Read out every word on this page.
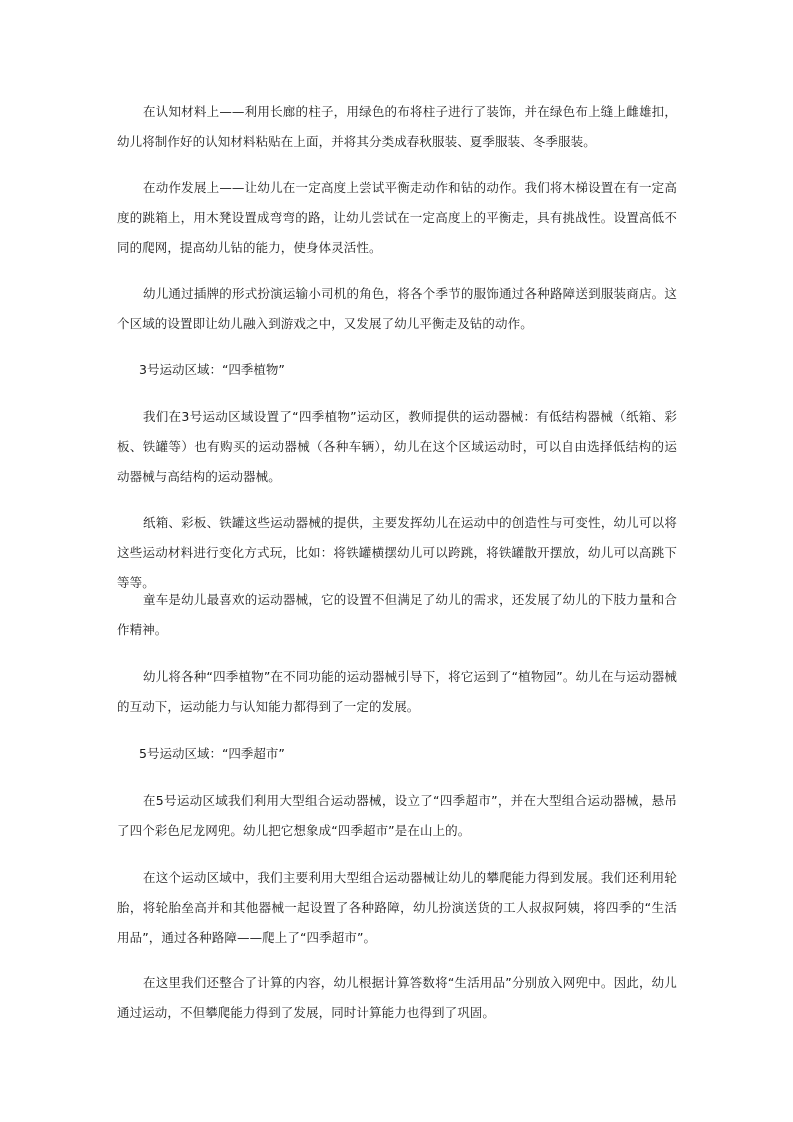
在认知材料上——利用长廊的柱子，用绿色的布将柱子进行了装饰，并在绿色布上缝上雌雄扣，幼儿将制作好的认知材料粘贴在上面，并将其分类成春秋服装、夏季服装、冬季服装。

在动作发展上——让幼儿在一定高度上尝试平衡走动作和钻的动作。我们将木梯设置在有一定高度的跳箱上，用木凳设置成弯弯的路，让幼儿尝试在一定高度上的平衡走，具有挑战性。设置高低不同的爬网，提高幼儿钻的能力，使身体灵活性。

幼儿通过插牌的形式扮演运输小司机的角色，将各个季节的服饰通过各种路障送到服装商店。这个区域的设置即让幼儿融入到游戏之中，又发展了幼儿平衡走及钻的动作。

3号运动区域：“四季植物”

我们在3号运动区域设置了“四季植物”运动区，教师提供的运动器械：有低结构器械（纸箱、彩板、铁罐等）也有购买的运动器械（各种车辆），幼儿在这个区域运动时，可以自由选择低结构的运动器械与高结构的运动器械。

纸箱、彩板、铁罐这些运动器械的提供，主要发挥幼儿在运动中的创造性与可变性，幼儿可以将这些运动材料进行变化方式玩，比如：将铁罐横摆幼儿可以跨跳，将铁罐散开摆放，幼儿可以高跳下等等。

童车是幼儿最喜欢的运动器械，它的设置不但满足了幼儿的需求，还发展了幼儿的下肢力量和合作精神。

幼儿将各种“四季植物”在不同功能的运动器械引导下，将它运到了“植物园”。幼儿在与运动器械的互动下，运动能力与认知能力都得到了一定的发展。

5号运动区域：“四季超市”

在5号运动区域我们利用大型组合运动器械，设立了“四季超市”，并在大型组合运动器械，悬吊了四个彩色尼龙网兜。幼儿把它想象成“四季超市”是在山上的。

在这个运动区域中，我们主要利用大型组合运动器械让幼儿的攀爬能力得到发展。我们还利用轮胎，将轮胎垒高并和其他器械一起设置了各种路障，幼儿扮演送货的工人叔叔阿姨，将四季的“生活用品”，通过各种路障——爬上了“四季超市”。

在这里我们还整合了计算的内容，幼儿根据计算答数将“生活用品”分别放入网兜中。因此，幼儿通过运动，不但攀爬能力得到了发展，同时计算能力也得到了巩固。
